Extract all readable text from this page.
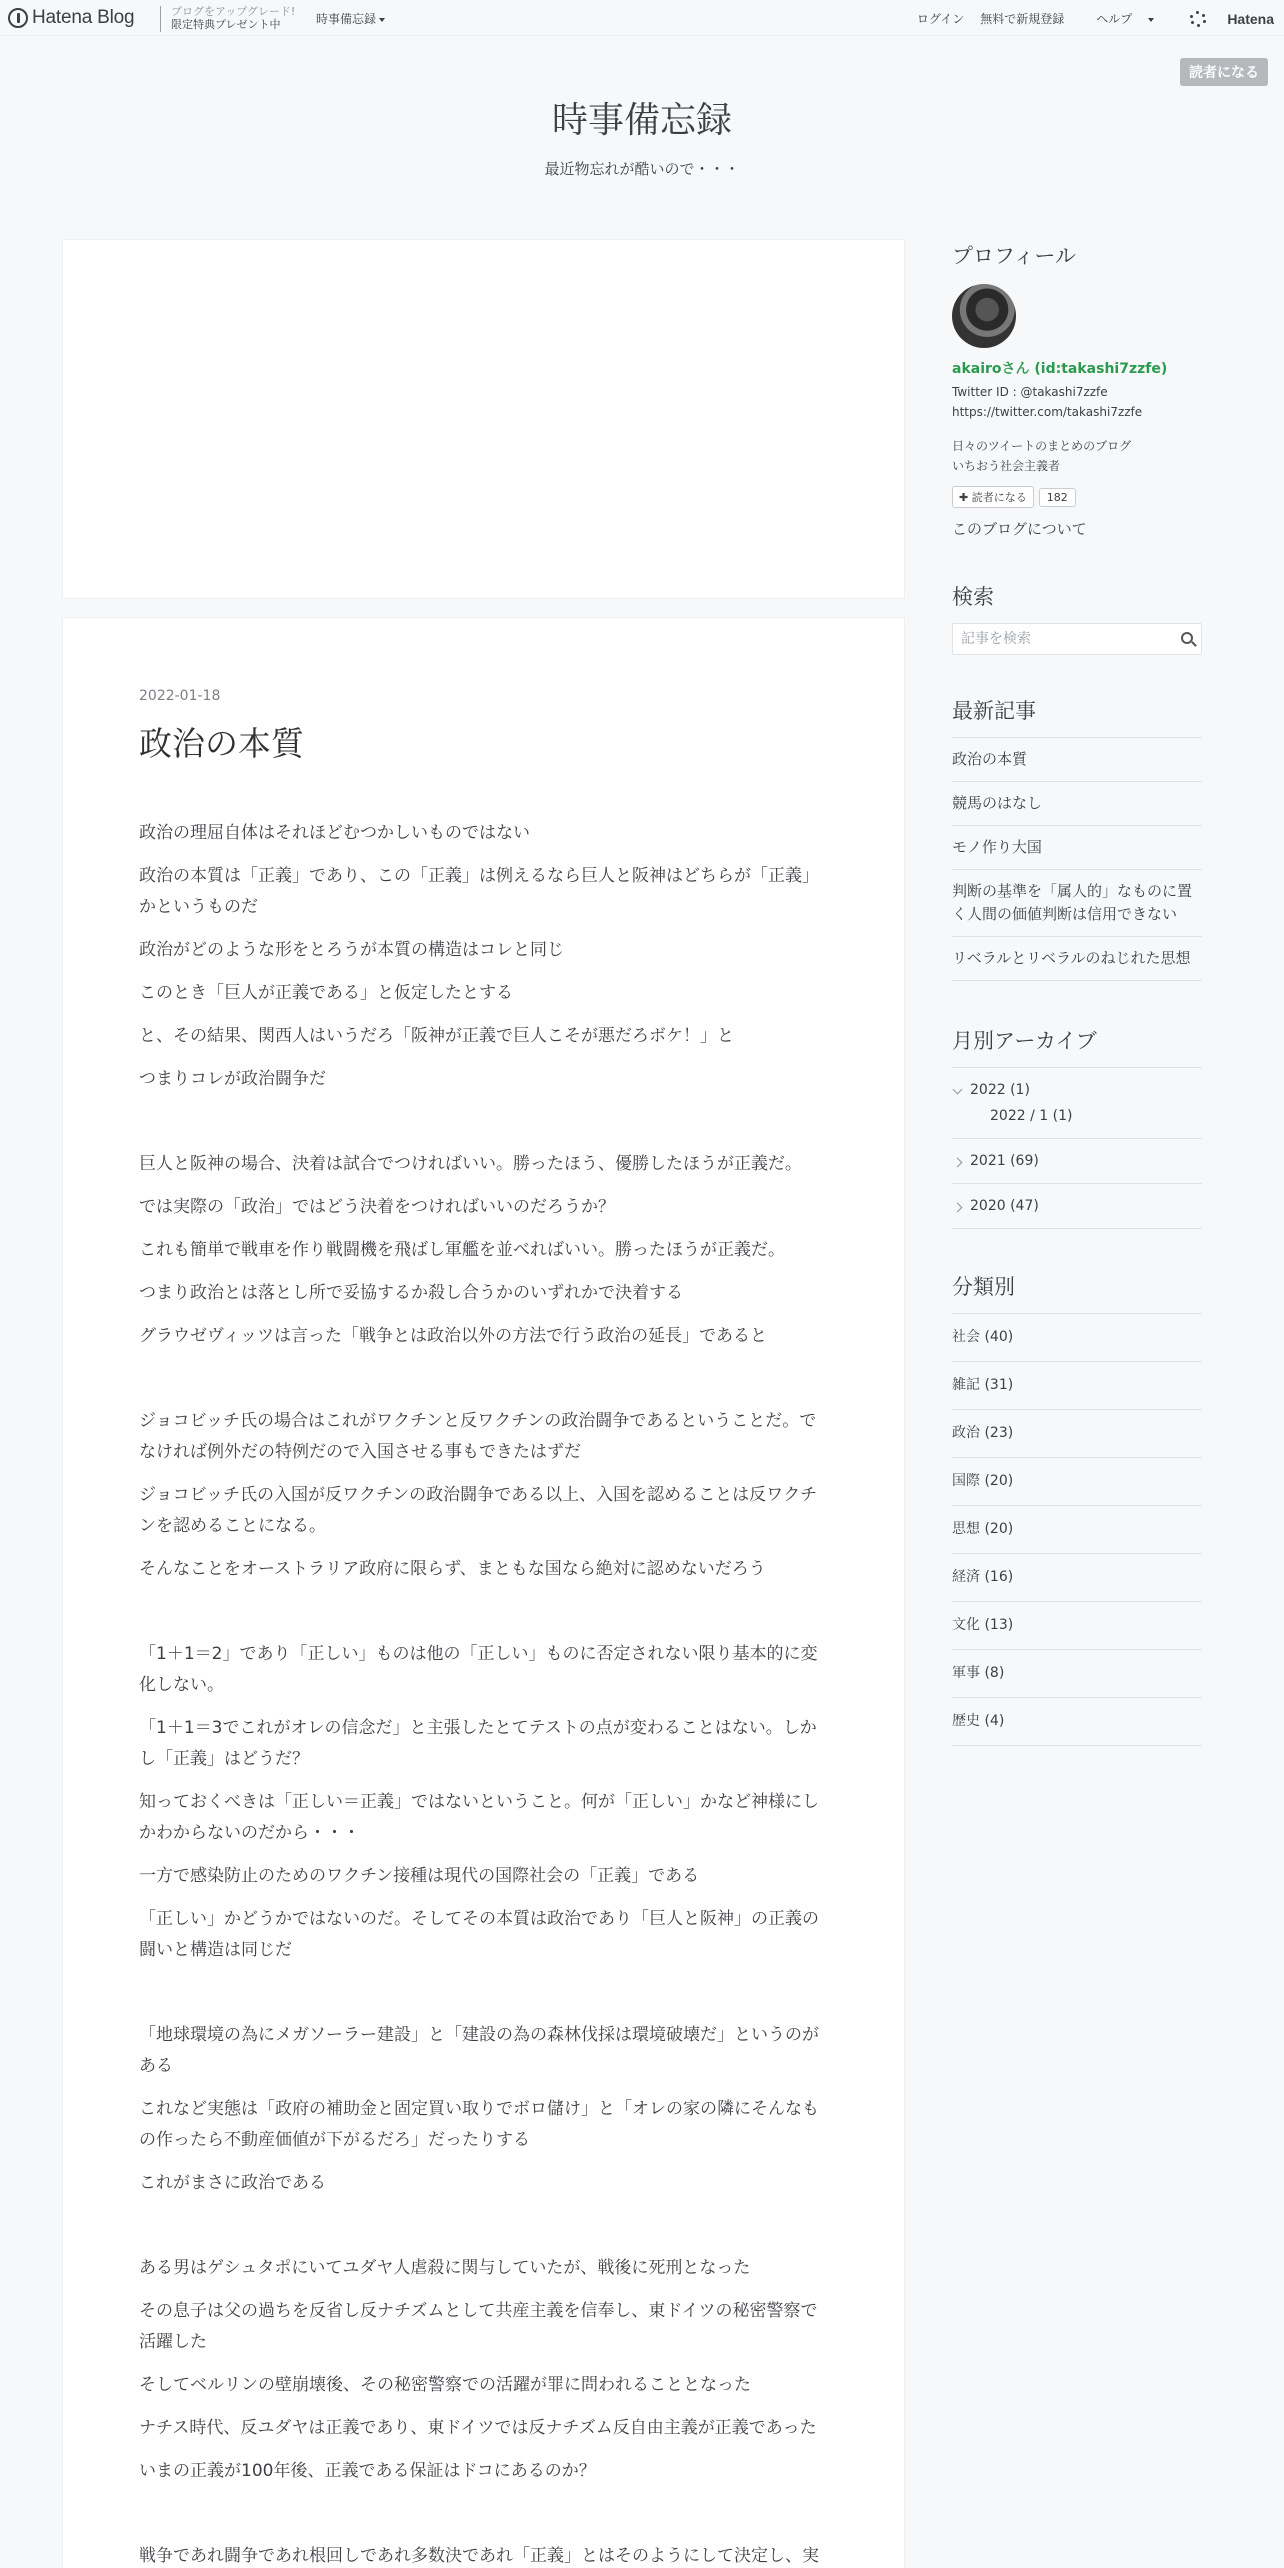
Hatena Blog	ブログをアップグレード!
限定特典プレゼント中	時事備忘録	ログイン 無料で新規登録	ヘルプ	Hatena
読者になる
時事備忘録
最近物忘れが酷いので・・・
2022-01-18
政治の本質

政治の理屈自体はそれほどむつかしいものではない

政治の本質は「正義」であり、この「正義」は例えるなら巨人と阪神はどちらが「正義」かというものだ

政治がどのような形をとろうが本質の構造はコレと同じ

このとき「巨人が正義である」と仮定したとする

と、その結果、関西人はいうだろ「阪神が正義で巨人こそが悪だろボケ！」と

つまりコレが政治闘争だ

巨人と阪神の場合、決着は試合でつければいい。勝ったほう、優勝したほうが正義だ。

では実際の「政治」ではどう決着をつければいいのだろうか？

これも簡単で戦車を作り戦闘機を飛ばし軍艦を並べればいい。勝ったほうが正義だ。

つまり政治とは落とし所で妥協するか殺し合うかのいずれかで決着する

グラウゼヴィッツは言った「戦争とは政治以外の方法で行う政治の延長」であると

ジョコビッチ氏の場合はこれがワクチンと反ワクチンの政治闘争であるということだ。でなければ例外だの特例だので入国させる事もできたはずだ

ジョコビッチ氏の入国が反ワクチンの政治闘争である以上、入国を認めることは反ワクチンを認めることになる。

そんなことをオーストラリア政府に限らず、まともな国なら絶対に認めないだろう

「1＋1＝2」であり「正しい」ものは他の「正しい」ものに否定されない限り基本的に変化しない。

「1＋1＝3でこれがオレの信念だ」と主張したとてテストの点が変わることはない。しかし「正義」はどうだ？

知っておくべきは「正しい＝正義」ではないということ。何が「正しい」かなど神様にしかわからないのだから・・・

一方で感染防止のためのワクチン接種は現代の国際社会の「正義」である

「正しい」かどうかではないのだ。そしてその本質は政治であり「巨人と阪神」の正義の闘いと構造は同じだ

「地球環境の為にメガソーラー建設」と「建設の為の森林伐採は環境破壊だ」というのがある

これなど実態は「政府の補助金と固定買い取りでボロ儲け」と「オレの家の隣にそんなもの作ったら不動産価値が下がるだろ」だったりする

これがまさに政治である

ある男はゲシュタポにいてユダヤ人虐殺に関与していたが、戦後に死刑となった

その息子は父の過ちを反省し反ナチズムとして共産主義を信奉し、東ドイツの秘密警察で活躍した

そしてベルリンの壁崩壊後、その秘密警察での活躍が罪に問われることとなった

ナチス時代、反ユダヤは正義であり、東ドイツでは反ナチズム反自由主義が正義であった

いまの正義が100年後、正義である保証はドコにあるのか？

戦争であれ闘争であれ根回しであれ多数決であれ「正義」とはそのようにして決定し、実

プロフィール
akairoさん (id:takashi7zzfe)
Twitter ID : @takashi7zzfe
https://twitter.com/takashi7zzfe
日々のツイートのまとめのブログ
いちおう社会主義者
✚ 読者になる	182
このブログについて
検索
記事を検索
最新記事
政治の本質
競馬のはなし
モノ作り大国
判断の基準を「属人的」なものに置く人間の価値判断は信用できない
リベラルとリベラルのねじれた思想
月別アーカイブ
2022 (1)
2022 / 1 (1)
2021 (69)
2020 (47)
分類別
社会 (40)
雑記 (31)
政治 (23)
国際 (20)
思想 (20)
経済 (16)
文化 (13)
軍事 (8)
歴史 (4)
